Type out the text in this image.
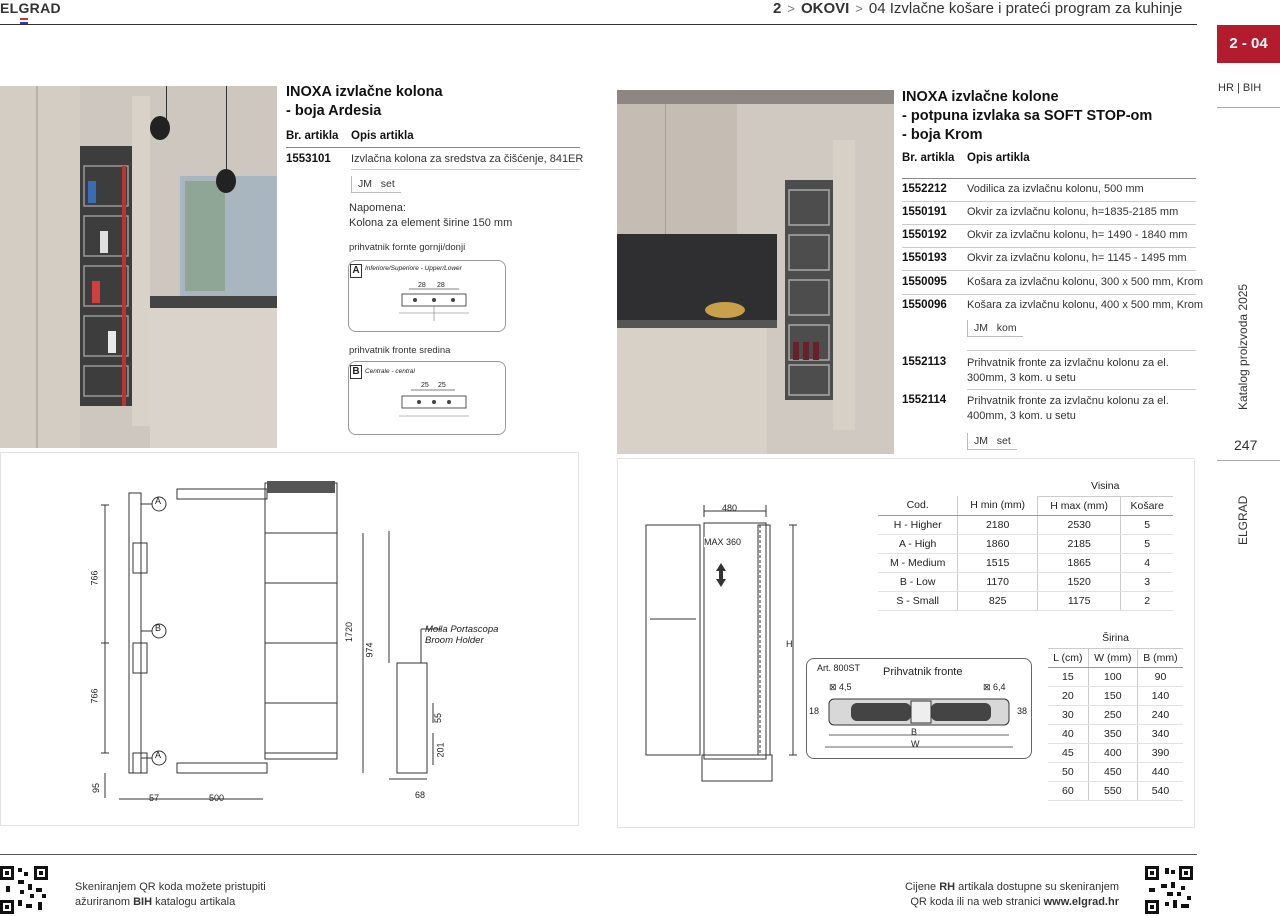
ELGRAD	2 > OKOVI > 04 Izvlačne košare i prateći program za kuhinje
2 - 04
HR | BIH
Katalog proizvoda 2025
247
ELGRAD
INOXA izvlačne kolona
- boja Ardesia
Br. artikla Opis artikla
1553101 Izvlačna kolona za sredstva za čišćenje, 841ER
JM set
Napomena:
Kolona za element širine 150 mm
prihvatnik fornte gornji/donji
A Inferiore/Superiore - Upper/Lower
28 28
prihvatnik fronte sredina
B Centrale - central
25 25
A
B
A
766
766
95
57	500
1720
974
55
201
68
Molla Portascopa
Broom Holder
INOXA izvlačne kolone
- potpuna izvlaka sa SOFT STOP-om
- boja Krom
Br. artikla Opis artikla
1552212 Vodilica za izvlačnu kolonu, 500 mm
1550191 Okvir za izvlačnu kolonu, h=1835-2185 mm
1550192 Okvir za izvlačnu kolonu, h= 1490 - 1840 mm
1550193 Okvir za izvlačnu kolonu, h= 1145 - 1495 mm
1550095 Košara za izvlačnu kolonu, 300 x 500 mm, Krom
1550096 Košara za izvlačnu kolonu, 400 x 500 mm, Krom
JM kom
1552113 Prihvatnik fronte za izvlačnu kolonu za el.
300mm, 3 kom. u setu
1552114 Prihvatnik fronte za izvlačnu kolonu za el.
400mm, 3 kom. u setu
JM set
480
MAX 360
H
Art. 800ST Prihvatnik fronte
⊠ 4,5	⊠ 6,4
18	38
B
W
		Visina		
Cod.	H min (mm)	H max (mm)	Košare	
H - Higher	2180	2530	5	
A - High	1860	2185	5	
M - Medium	1515	1865	4	
B - Low	1170	1520	3	
S - Small	825	1175	2	
Širina		
L (cm)	W (mm)	B (mm)
15	100	90
20	150	140
30	250	240
40	350	340
45	400	390
50	450	440
60	550	540
Skeniranjem QR koda možete pristupiti
ažuriranom BIH katalogu artikala
Cijene RH artikala dostupne su skeniranjem
QR koda ili na web stranici www.elgrad.hr
